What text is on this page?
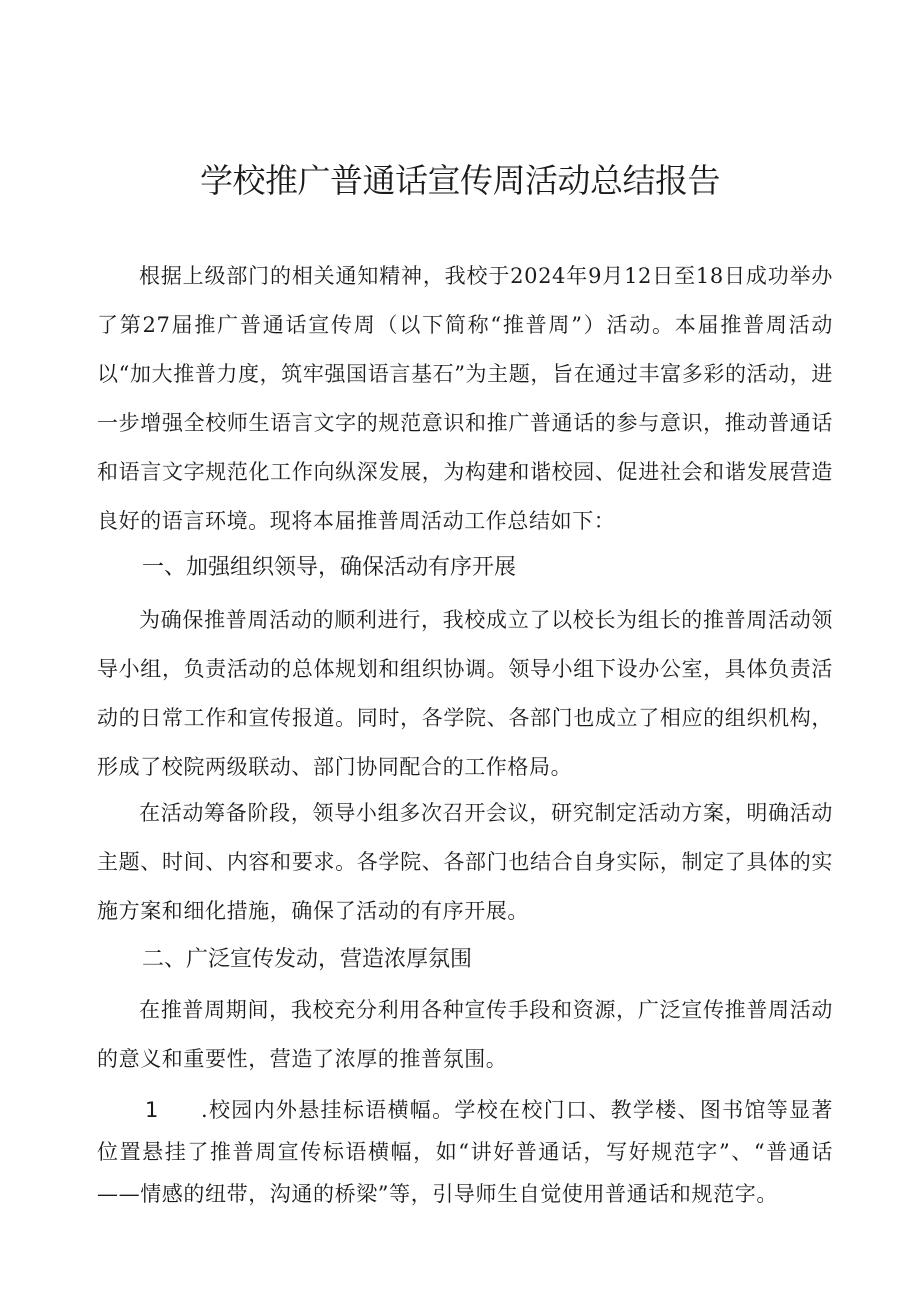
学校推广普通话宣传周活动总结报告

根据上级部门的相关通知精神，我校于2024年9月12日至18日成功举办了第27届推广普通话宣传周（以下简称“推普周”）活动。本届推普周活动以“加大推普力度，筑牢强国语言基石”为主题，旨在通过丰富多彩的活动，进一步增强全校师生语言文字的规范意识和推广普通话的参与意识，推动普通话和语言文字规范化工作向纵深发展，为构建和谐校园、促进社会和谐发展营造良好的语言环境。现将本届推普周活动工作总结如下：

一、加强组织领导，确保活动有序开展

为确保推普周活动的顺利进行，我校成立了以校长为组长的推普周活动领导小组，负责活动的总体规划和组织协调。领导小组下设办公室，具体负责活动的日常工作和宣传报道。同时，各学院、各部门也成立了相应的组织机构，形成了校院两级联动、部门协同配合的工作格局。

在活动筹备阶段，领导小组多次召开会议，研究制定活动方案，明确活动主题、时间、内容和要求。各学院、各部门也结合自身实际，制定了具体的实施方案和细化措施，确保了活动的有序开展。

二、广泛宣传发动，营造浓厚氛围

在推普周期间，我校充分利用各种宣传手段和资源，广泛宣传推普周活动的意义和重要性，营造了浓厚的推普氛围。

1 .校园内外悬挂标语横幅。学校在校门口、教学楼、图书馆等显著位置悬挂了推普周宣传标语横幅，如“讲好普通话，写好规范字”、“普通话——情感的纽带，沟通的桥梁”等，引导师生自觉使用普通话和规范字。
